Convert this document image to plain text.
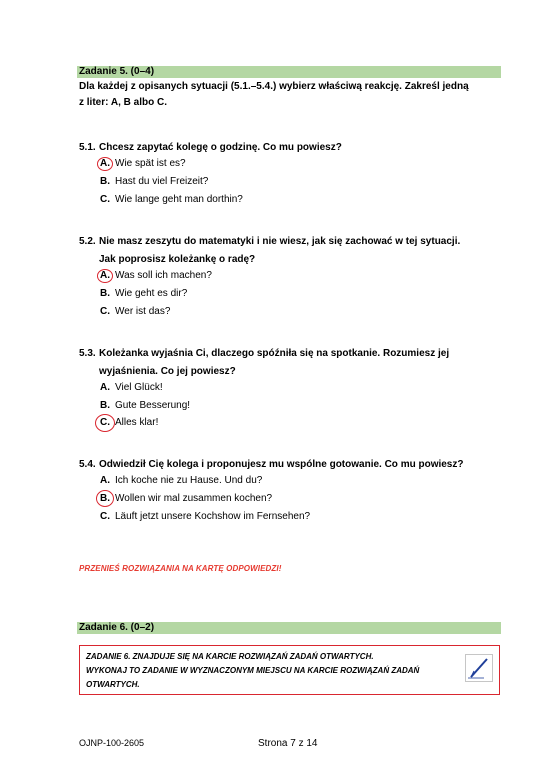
Zadanie 5. (0–4)
Dla każdej z opisanych sytuacji (5.1.–5.4.) wybierz właściwą reakcję. Zakreśl jedną
z liter: A, B albo C.
5.1. Chcesz zapytać kolegę o godzinę. Co mu powiesz?
A. Wie spät ist es?
B. Hast du viel Freizeit?
C. Wie lange geht man dorthin?
5.2. Nie masz zeszytu do matematyki i nie wiesz, jak się zachować w tej sytuacji.
Jak poprosisz koleżankę o radę?
A. Was soll ich machen?
B. Wie geht es dir?
C. Wer ist das?
5.3. Koleżanka wyjaśnia Ci, dlaczego spóźniła się na spotkanie. Rozumiesz jej
wyjaśnienia. Co jej powiesz?
A. Viel Glück!
B. Gute Besserung!
C. Alles klar!
5.4. Odwiedził Cię kolega i proponujesz mu wspólne gotowanie. Co mu powiesz?
A. Ich koche nie zu Hause. Und du?
B. Wollen wir mal zusammen kochen?
C. Läuft jetzt unsere Kochshow im Fernsehen?
PRZENIEŚ ROZWIĄZANIA NA KARTĘ ODPOWIEDZI!
Zadanie 6. (0–2)
ZADANIE 6. ZNAJDUJE SIĘ NA KARCIE ROZWIĄZAŃ ZADAŃ OTWARTYCH.
WYKONAJ TO ZADANIE W WYZNACZONYM MIEJSCU NA KARCIE ROZWIĄZAŃ ZADAŃ
OTWARTYCH.
OJNP-100-2605	Strona 7 z 14
